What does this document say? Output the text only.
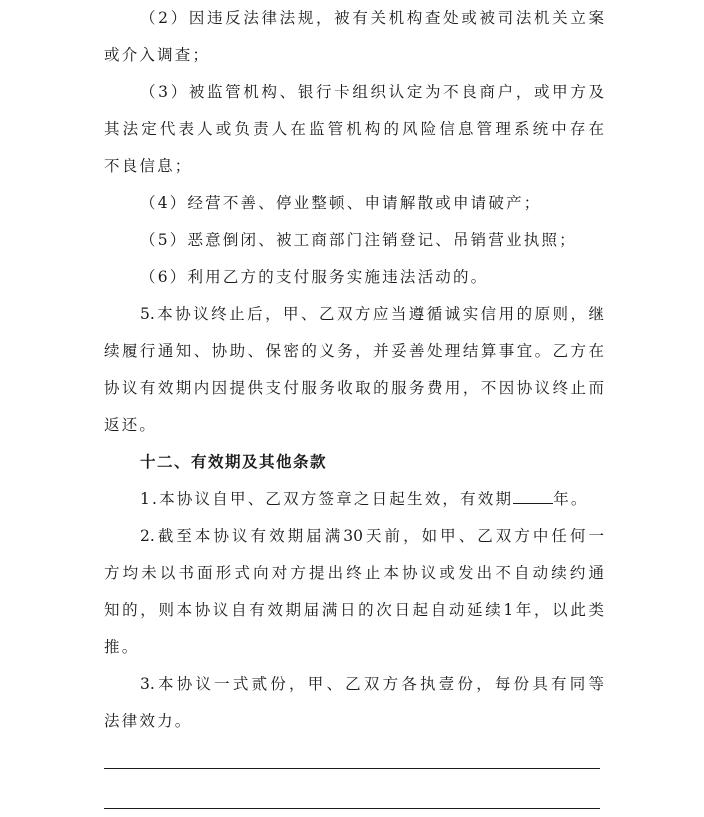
（2）因违反法律法规，被有关机构查处或被司法机关立案
或介入调查；
（3）被监管机构、银行卡组织认定为不良商户，或甲方及
其法定代表人或负责人在监管机构的风险信息管理系统中存在
不良信息；
（4）经营不善、停业整顿、申请解散或申请破产；
（5）恶意倒闭、被工商部门注销登记、吊销营业执照；
（6）利用乙方的支付服务实施违法活动的。
5.本协议终止后，甲、乙双方应当遵循诚实信用的原则，继
续履行通知、协助、保密的义务，并妥善处理结算事宜。乙方在
协议有效期内因提供支付服务收取的服务费用，不因协议终止而
返还。
十二、有效期及其他条款
1.本协议自甲、乙双方签章之日起生效，有效期	年。
2.截至本协议有效期届满30天前，如甲、乙双方中任何一
方均未以书面形式向对方提出终止本协议或发出不自动续约通
知的，则本协议自有效期届满日的次日起自动延续1年，以此类
推。
3.本协议一式贰份，甲、乙双方各执壹份，每份具有同等
法律效力。
